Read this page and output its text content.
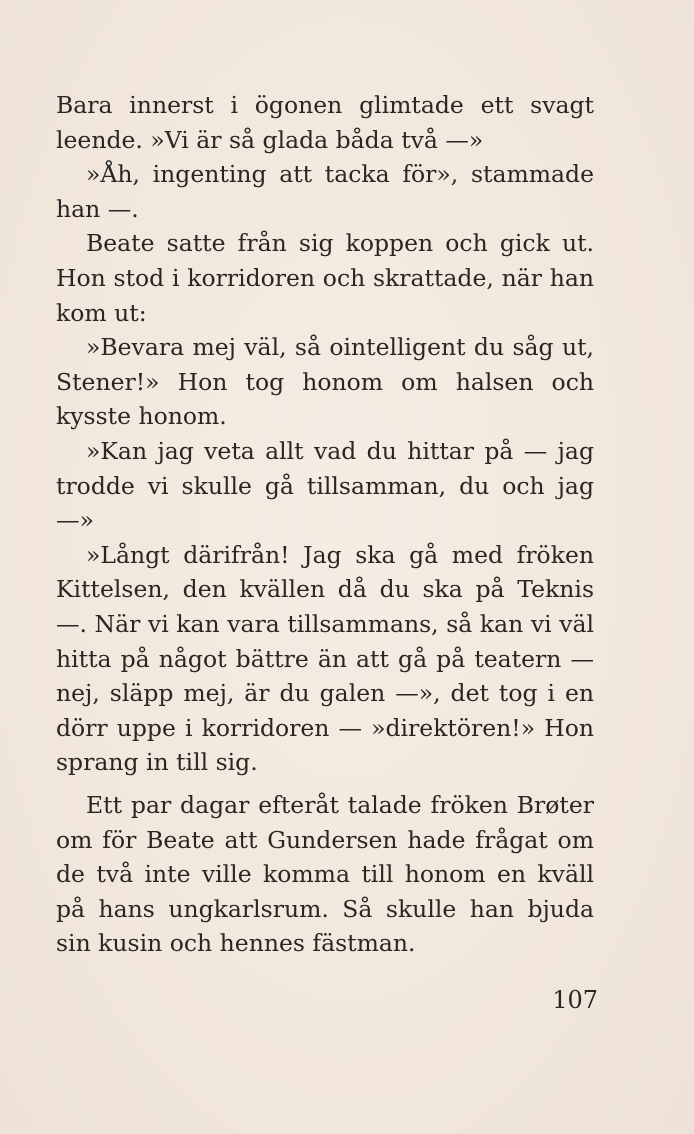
Bara innerst i ögonen glimtade ett svagt leende. »Vi är så glada båda två —»

»Åh, ingenting att tacka för», stammade han —.

Beate satte från sig koppen och gick ut. Hon stod i korridoren och skrattade, när han kom ut:

»Bevara mej väl, så ointelligent du såg ut, Stener!» Hon tog honom om halsen och kysste honom.

»Kan jag veta allt vad du hittar på — jag trodde vi skulle gå tillsamman, du och jag —»

»Långt därifrån! Jag ska gå med fröken Kittelsen, den kvällen då du ska på Teknis —. När vi kan vara tillsammans, så kan vi väl hitta på något bättre än att gå på teatern — nej, släpp mej, är du galen —», det tog i en dörr uppe i korridoren — »direktören!» Hon sprang in till sig.

Ett par dagar efteråt talade fröken Brøter om för Beate att Gundersen hade frågat om de två inte ville komma till honom en kväll på hans ungkarlsrum. Så skulle han bjuda sin kusin och hennes fästman.

107
